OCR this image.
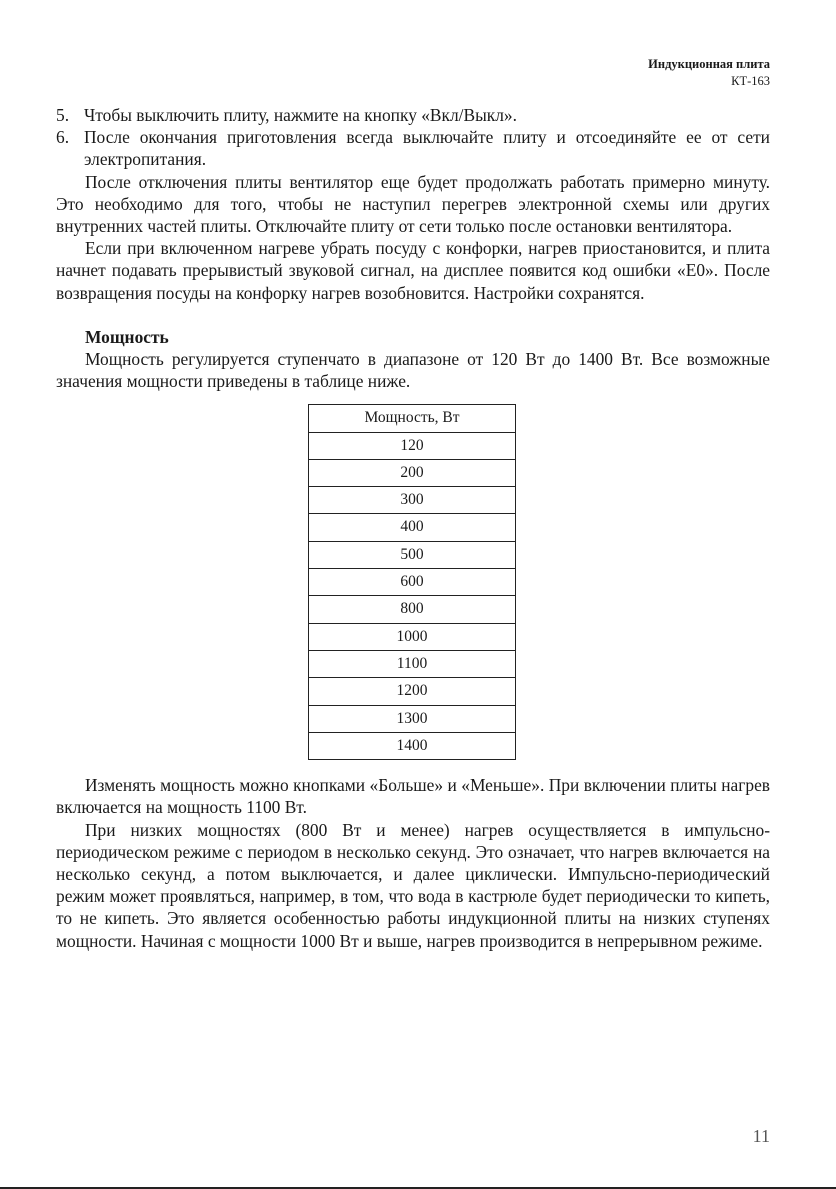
Индукционная плита
КТ-163
5. Чтобы выключить плиту, нажмите на кнопку «Вкл/Выкл».
6. После окончания приготовления всегда выключайте плиту и отсоединяйте ее от сети электропитания.

После отключения плиты вентилятор еще будет продолжать работать примерно минуту. Это необходимо для того, чтобы не наступил перегрев электронной схемы или других внутренних частей плиты. Отключайте плиту от сети только после остановки вентилятора.

Если при включенном нагреве убрать посуду с конфорки, нагрев приостановится, и плита начнет подавать прерывистый звуковой сигнал, на дисплее появится код ошибки «Е0». После возвращения посуды на конфорку нагрев возобновится. Настройки сохранятся.

Мощность

Мощность регулируется ступенчато в диапазоне от 120 Вт до 1400 Вт. Все возможные значения мощности приведены в таблице ниже.

Мощность, Вт
120
200
300
400
500
600
800
1000
1100
1200
1300
1400

Изменять мощность можно кнопками «Больше» и «Меньше». При включении плиты нагрев включается на мощность 1100 Вт.

При низких мощностях (800 Вт и менее) нагрев осуществляется в импульсно-периодическом режиме с периодом в несколько секунд. Это означает, что нагрев включается на несколько секунд, а потом выключается, и далее циклически. Импульсно-периодический режим может проявляться, например, в том, что вода в кастрюле будет периодически то кипеть, то не кипеть. Это является особенностью работы индукционной плиты на низких ступенях мощности. Начиная с мощности 1000 Вт и выше, нагрев производится в непрерывном режиме.

11
